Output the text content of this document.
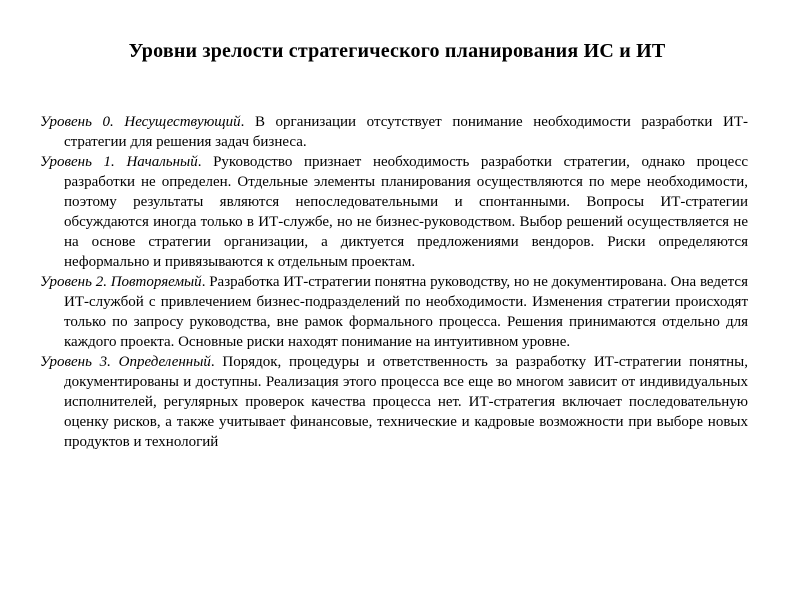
Уровни зрелости стратегического планирования ИС и ИТ

Уровень 0. Несуществующий. В организации отсутствует понимание необходимости разработки ИТ-стратегии для решения задач бизнеса.

Уровень 1. Начальный. Руководство признает необходимость разработки стратегии, однако процесс разработки не определен. Отдельные элементы планирования осуществляются по мере необходимости, поэтому результаты являются непоследовательными и спонтанными. Вопросы ИТ-стратегии обсуждаются иногда только в ИТ-службе, но не бизнес-руководством. Выбор решений осуществляется не на основе стратегии организации, а диктуется предложениями вендоров. Риски определяются неформально и привязываются к отдельным проектам.

Уровень 2. Повторяемый. Разработка ИТ-стратегии понятна руководству, но не документирована. Она ведется ИТ-службой с привлечением бизнес-подразделений по необходимости. Изменения стратегии происходят только по запросу руководства, вне рамок формального процесса. Решения принимаются отдельно для каждого проекта. Основные риски находят понимание на интуитивном уровне.

Уровень 3. Определенный. Порядок, процедуры и ответственность за разработку ИТ-стратегии понятны, документированы и доступны. Реализация этого процесса все еще во многом зависит от индивидуальных исполнителей, регулярных проверок качества процесса нет. ИТ-стратегия включает последовательную оценку рисков, а также учитывает финансовые, технические и кадровые возможности при выборе новых продуктов и технологий
